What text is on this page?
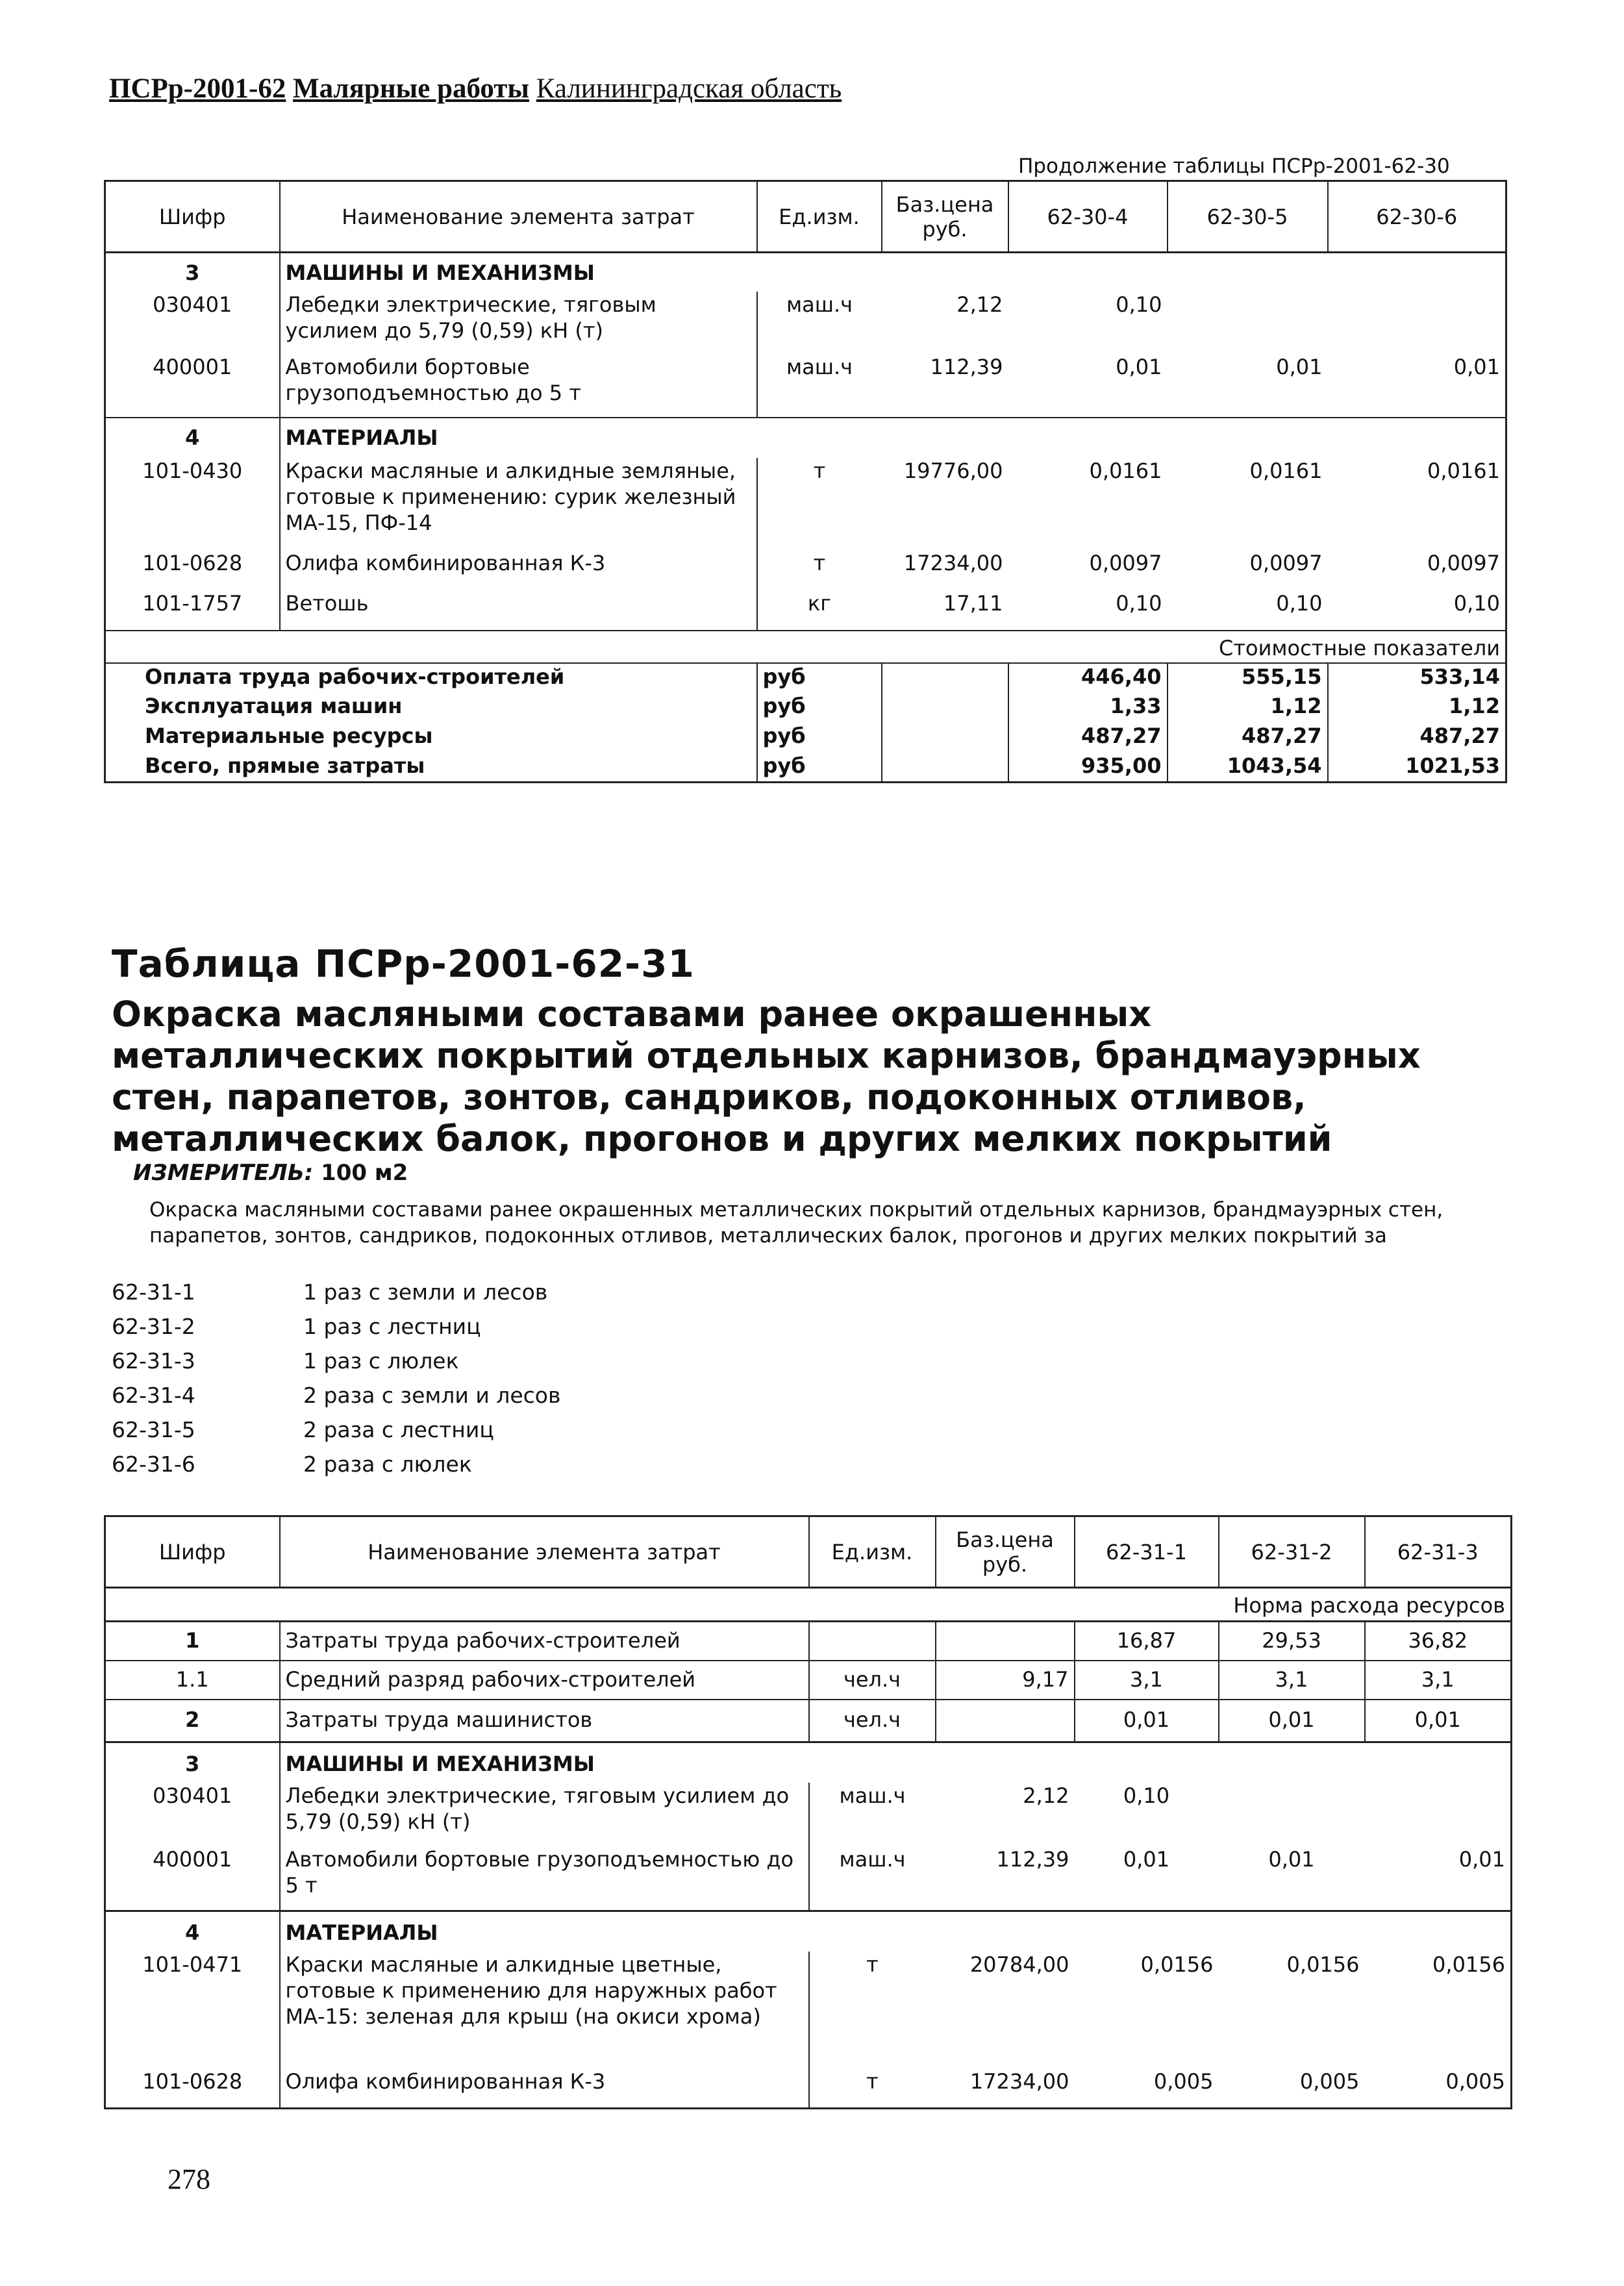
ПСРр-2001-62 Малярные работы Калининградская область
Продолжение таблицы ПСРр-2001-62-30
Шифр	Наименование элемента затрат	Ед.изм.	Баз.цена руб.	62-30-4	62-30-5	62-30-6
3	МАШИНЫ И МЕХАНИЗМЫ					
030401	Лебедки электрические, тяговым усилием до 5,79 (0,59) кН (т)	маш.ч	2,12	0,10		
400001	Автомобили бортовые грузоподъемностью до 5 т	маш.ч	112,39	0,01	0,01	0,01
4	МАТЕРИАЛЫ					
101-0430	Краски масляные и алкидные земляные, готовые к применению: сурик железный МА-15, ПФ-14	т	19776,00	0,0161	0,0161	0,0161
101-0628	Олифа комбинированная К-3	т	17234,00	0,0097	0,0097	0,0097
101-1757	Ветошь	кг	17,11	0,10	0,10	0,10
Стоимостные показатели						
Оплата труда рабочих-строителей		руб		446,40	555,15	533,14
Эксплуатация машин		руб		1,33	1,12	1,12
Материальные ресурсы		руб		487,27	487,27	487,27
Всего, прямые затраты		руб		935,00	1043,54	1021,53
Таблица ПСРр-2001-62-31
Окраска масляными составами ранее окрашенных металлических покрытий отдельных карнизов, брандмауэрных стен, парапетов, зонтов, сандриков, подоконных отливов, металлических балок, прогонов и других мелких покрытий
ИЗМЕРИТЕЛЬ: 100 м2
Окраска масляными составами ранее окрашенных металлических покрытий отдельных карнизов, брандмауэрных стен, парапетов, зонтов, сандриков, подоконных отливов, металлических балок, прогонов и других мелких покрытий за
62-31-1	1 раз с земли и лесов
62-31-2	1 раз с лестниц
62-31-3	1 раз с люлек
62-31-4	2 раза с земли и лесов
62-31-5	2 раза с лестниц
62-31-6	2 раза с люлек
Шифр	Наименование элемента затрат	Ед.изм.	Баз.цена руб.	62-31-1	62-31-2	62-31-3
Норма расхода ресурсов						
1	Затраты труда рабочих-строителей			16,87	29,53	36,82
1.1	Средний разряд рабочих-строителей	чел.ч	9,17	3,1	3,1	3,1
2	Затраты труда машинистов	чел.ч		0,01	0,01	0,01
3	МАШИНЫ И МЕХАНИЗМЫ					
030401	Лебедки электрические, тяговым усилием до 5,79 (0,59) кН (т)	маш.ч	2,12	0,10		
400001	Автомобили бортовые грузоподъемностью до 5 т	маш.ч	112,39	0,01	0,01	0,01
4	МАТЕРИАЛЫ					
101-0471	Краски масляные и алкидные цветные, готовые к применению для наружных работ МА-15: зеленая для крыш (на окиси хрома)	т	20784,00	0,0156	0,0156	0,0156
101-0628	Олифа комбинированная К-3	т	17234,00	0,005	0,005	0,005
278
